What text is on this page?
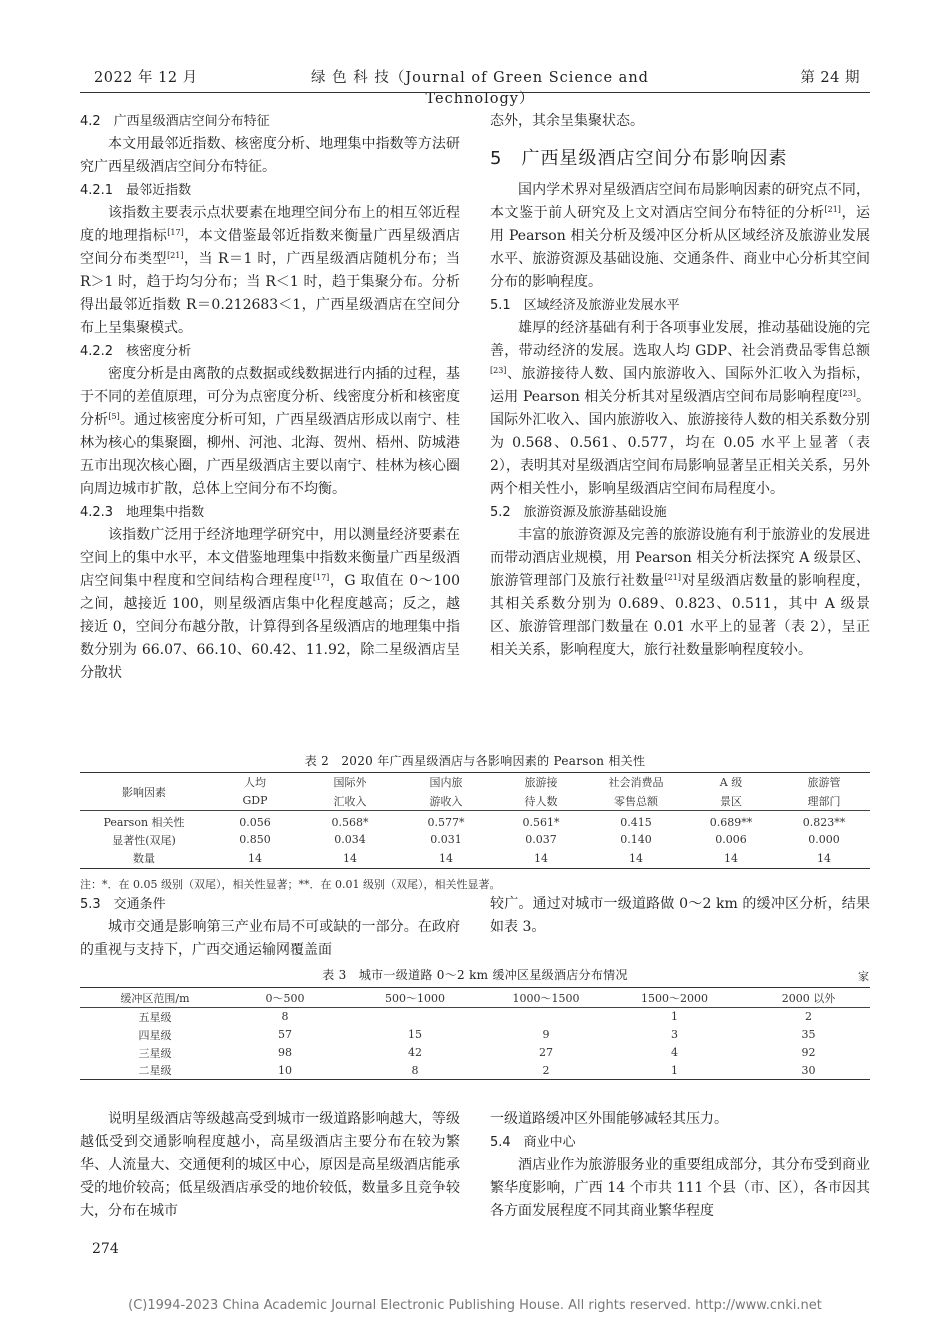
2022 年 12 月	绿 色 科 技（Journal of Green Science and Technology）
第 24 期
4.2　广西星级酒店空间分布特征
本文用最邻近指数、核密度分析、地理集中指数等方法研究广西星级酒店空间分布特征。
4.2.1　最邻近指数
该指数主要表示点状要素在地理空间分布上的相互邻近程度的地理指标[17]，本文借鉴最邻近指数来衡量广西星级酒店空间分布类型[21]，当 R＝1 时，广西星级酒店随机分布；当 R＞1 时，趋于均匀分布；当 R＜1 时，趋于集聚分布。分析得出最邻近指数 R＝0.212683＜1，广西星级酒店在空间分布上呈集聚模式。
4.2.2　核密度分析
密度分析是由离散的点数据或线数据进行内插的过程，基于不同的差值原理，可分为点密度分析、线密度分析和核密度分析[5]。通过核密度分析可知，广西星级酒店形成以南宁、桂林为核心的集聚圈，柳州、河池、北海、贺州、梧州、防城港五市出现次核心圈，广西星级酒店主要以南宁、桂林为核心圈向周边城市扩散，总体上空间分布不均衡。
4.2.3　地理集中指数
该指数广泛用于经济地理学研究中，用以测量经济要素在空间上的集中水平，本文借鉴地理集中指数来衡量广西星级酒店空间集中程度和空间结构合理程度[17]，G 取值在 0～100 之间，越接近 100，则星级酒店集中化程度越高；反之，越接近 0，空间分布越分散，计算得到各星级酒店的地理集中指数分别为 66.07、66.10、60.42、11.92，除二星级酒店呈分散状
态外，其余呈集聚状态。
5　广西星级酒店空间分布影响因素
国内学术界对星级酒店空间布局影响因素的研究点不同，本文鉴于前人研究及上文对酒店空间分布特征的分析[21]，运用 Pearson 相关分析及缓冲区分析从区域经济及旅游业发展水平、旅游资源及基础设施、交通条件、商业中心分析其空间分布的影响程度。
5.1　区域经济及旅游业发展水平
雄厚的经济基础有利于各项事业发展，推动基础设施的完善，带动经济的发展。选取人均 GDP、社会消费品零售总额[23]、旅游接待人数、国内旅游收入、国际外汇收入为指标，运用 Pearson 相关分析其对星级酒店空间布局影响程度[23]。国际外汇收入、国内旅游收入、旅游接待人数的相关系数分别为 0.568、0.561、0.577，均在 0.05 水平上显著（表 2），表明其对星级酒店空间布局影响显著呈正相关关系，另外两个相关性小，影响星级酒店空间布局程度小。
5.2　旅游资源及旅游基础设施
丰富的旅游资源及完善的旅游设施有利于旅游业的发展进而带动酒店业规模，用 Pearson 相关分析法探究 A 级景区、旅游管理部门及旅行社数量[21]对星级酒店数量的影响程度，其相关系数分别为 0.689、0.823、0.511，其中 A 级景区、旅游管理部门数量在 0.01 水平上的显著（表 2），呈正相关关系，影响程度大，旅行社数量影响程度较小。
表 2　2020 年广西星级酒店与各影响因素的 Pearson 相关性
影响因素	人均	国际外	国内旅	旅游接	社会消费品	A 级	旅游管
	GDP	汇收入	游收入	待人数	零售总额	景区	理部门
Pearson 相关性	0.056	0.568*	0.577*	0.561*	0.415	0.689**	0.823**
显著性(双尾)	0.850	0.034	0.031	0.037	0.140	0.006	0.000
数量	14	14	14	14	14	14	14
注：*．在 0.05 级别（双尾），相关性显著；**．在 0.01 级别（双尾），相关性显著。
5.3　交通条件
城市交通是影响第三产业布局不可或缺的一部分。在政府的重视与支持下，广西交通运输网覆盖面
较广。通过对城市一级道路做 0～2 km 的缓冲区分析，结果如表 3。
表 3　城市一级道路 0～2 km 缓冲区星级酒店分布情况	家
缓冲区范围/m	0～500	500～1000	1000～1500	1500～2000	2000 以外
五星级	8			1	2
四星级	57	15	9	3	35
三星级	98	42	27	4	92
二星级	10	8	2	1	30
说明星级酒店等级越高受到城市一级道路影响越大，等级越低受到交通影响程度越小，高星级酒店主要分布在较为繁华、人流量大、交通便利的城区中心，原因是高星级酒店能承受的地价较高；低星级酒店承受的地价较低，数量多且竞争较大，分布在城市
一级道路缓冲区外围能够减轻其压力。
5.4　商业中心
酒店业作为旅游服务业的重要组成部分，其分布受到商业繁华度影响，广西 14 个市共 111 个县（市、区），各市因其各方面发展程度不同其商业繁华程度
274
(C)1994-2023 China Academic Journal Electronic Publishing House. All rights reserved. http://www.cnki.net
